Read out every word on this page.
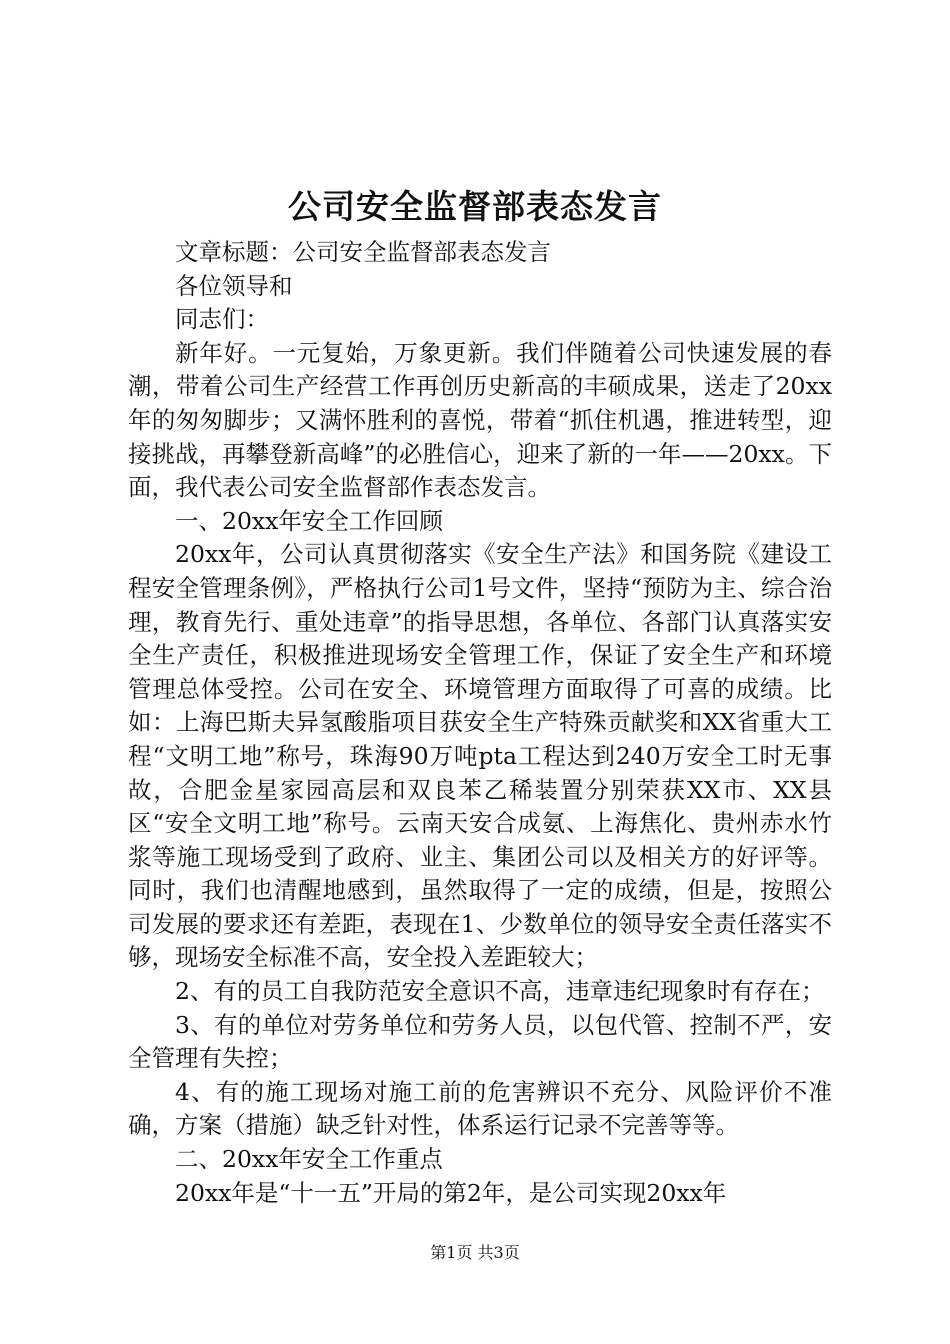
公司安全监督部表态发言

文章标题：公司安全监督部表态发言

各位领导和

同志们：

新年好。一元复始，万象更新。我们伴随着公司快速发展的春潮，带着公司生产经营工作再创历史新高的丰硕成果，送走了20xx年的匆匆脚步；又满怀胜利的喜悦，带着“抓住机遇，推进转型，迎接挑战，再攀登新高峰”的必胜信心，迎来了新的一年——20xx。下面，我代表公司安全监督部作表态发言。

一、20xx年安全工作回顾

20xx年，公司认真贯彻落实《安全生产法》和国务院《建设工程安全管理条例》，严格执行公司1号文件，坚持“预防为主、综合治理，教育先行、重处违章”的指导思想，各单位、各部门认真落实安全生产责任，积极推进现场安全管理工作，保证了安全生产和环境管理总体受控。公司在安全、环境管理方面取得了可喜的成绩。比如：上海巴斯夫异氢酸脂项目获安全生产特殊贡献奖和XX省重大工程“文明工地”称号，珠海90万吨pta工程达到240万安全工时无事故，合肥金星家园高层和双良苯乙稀装置分别荣获XX市、XX县区“安全文明工地”称号。云南天安合成氨、上海焦化、贵州赤水竹浆等施工现场受到了政府、业主、集团公司以及相关方的好评等。同时，我们也清醒地感到，虽然取得了一定的成绩，但是，按照公司发展的要求还有差距，表现在1、少数单位的领导安全责任落实不够，现场安全标准不高，安全投入差距较大；

2、有的员工自我防范安全意识不高，违章违纪现象时有存在；

3、有的单位对劳务单位和劳务人员，以包代管、控制不严，安全管理有失控；

4、有的施工现场对施工前的危害辨识不充分、风险评价不准确，方案（措施）缺乏针对性，体系运行记录不完善等等。

二、20xx年安全工作重点

20xx年是“十一五”开局的第2年，是公司实现20xx年

第1页 共3页
